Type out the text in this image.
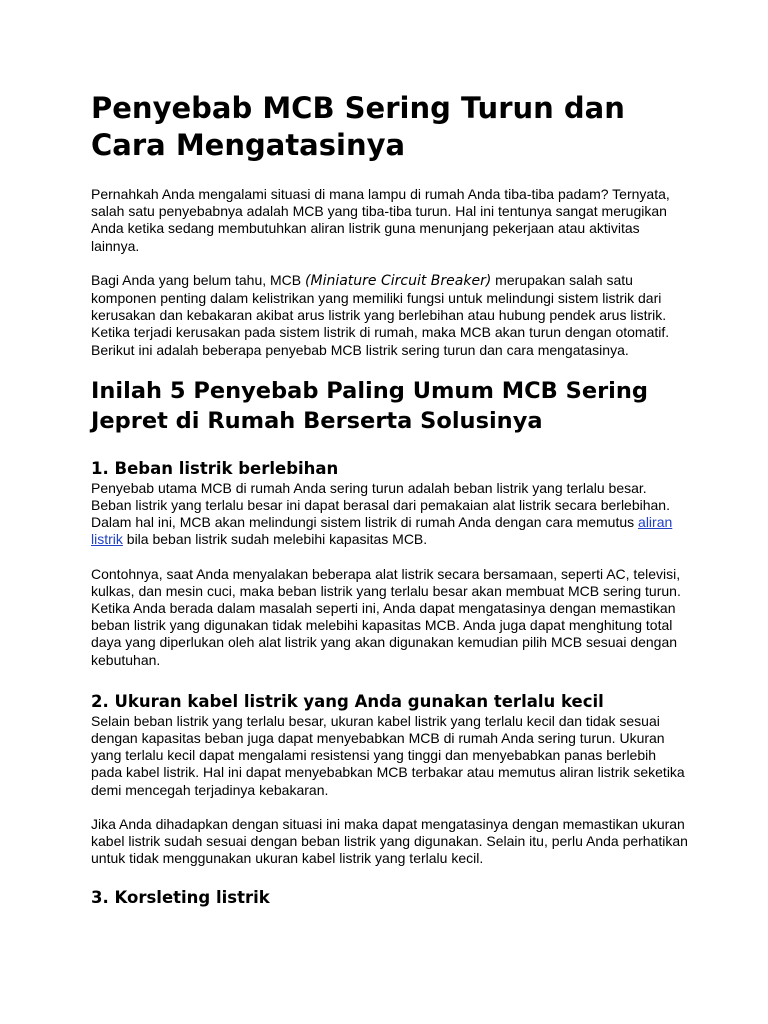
Penyebab MCB Sering Turun dan Cara Mengatasinya

Pernahkah Anda mengalami situasi di mana lampu di rumah Anda tiba-tiba padam? Ternyata, salah satu penyebabnya adalah MCB yang tiba-tiba turun. Hal ini tentunya sangat merugikan Anda ketika sedang membutuhkan aliran listrik guna menunjang pekerjaan atau aktivitas lainnya.

Bagi Anda yang belum tahu, MCB (Miniature Circuit Breaker) merupakan salah satu komponen penting dalam kelistrikan yang memiliki fungsi untuk melindungi sistem listrik dari kerusakan dan kebakaran akibat arus listrik yang berlebihan atau hubung pendek arus listrik. Ketika terjadi kerusakan pada sistem listrik di rumah, maka MCB akan turun dengan otomatif. Berikut ini adalah beberapa penyebab MCB listrik sering turun dan cara mengatasinya.

Inilah 5 Penyebab Paling Umum MCB Sering Jepret di Rumah Berserta Solusinya
1. Beban listrik berlebihan

Penyebab utama MCB di rumah Anda sering turun adalah beban listrik yang terlalu besar. Beban listrik yang terlalu besar ini dapat berasal dari pemakaian alat listrik secara berlebihan. Dalam hal ini, MCB akan melindungi sistem listrik di rumah Anda dengan cara memutus aliran listrik bila beban listrik sudah melebihi kapasitas MCB.

Contohnya, saat Anda menyalakan beberapa alat listrik secara bersamaan, seperti AC, televisi, kulkas, dan mesin cuci, maka beban listrik yang terlalu besar akan membuat MCB sering turun. Ketika Anda berada dalam masalah seperti ini, Anda dapat mengatasinya dengan memastikan beban listrik yang digunakan tidak melebihi kapasitas MCB. Anda juga dapat menghitung total daya yang diperlukan oleh alat listrik yang akan digunakan kemudian pilih MCB sesuai dengan kebutuhan.

2. Ukuran kabel listrik yang Anda gunakan terlalu kecil

Selain beban listrik yang terlalu besar, ukuran kabel listrik yang terlalu kecil dan tidak sesuai dengan kapasitas beban juga dapat menyebabkan MCB di rumah Anda sering turun. Ukuran yang terlalu kecil dapat mengalami resistensi yang tinggi dan menyebabkan panas berlebih pada kabel listrik. Hal ini dapat menyebabkan MCB terbakar atau memutus aliran listrik seketika demi mencegah terjadinya kebakaran.

Jika Anda dihadapkan dengan situasi ini maka dapat mengatasinya dengan memastikan ukuran kabel listrik sudah sesuai dengan beban listrik yang digunakan. Selain itu, perlu Anda perhatikan untuk tidak menggunakan ukuran kabel listrik yang terlalu kecil.

3. Korsleting listrik
